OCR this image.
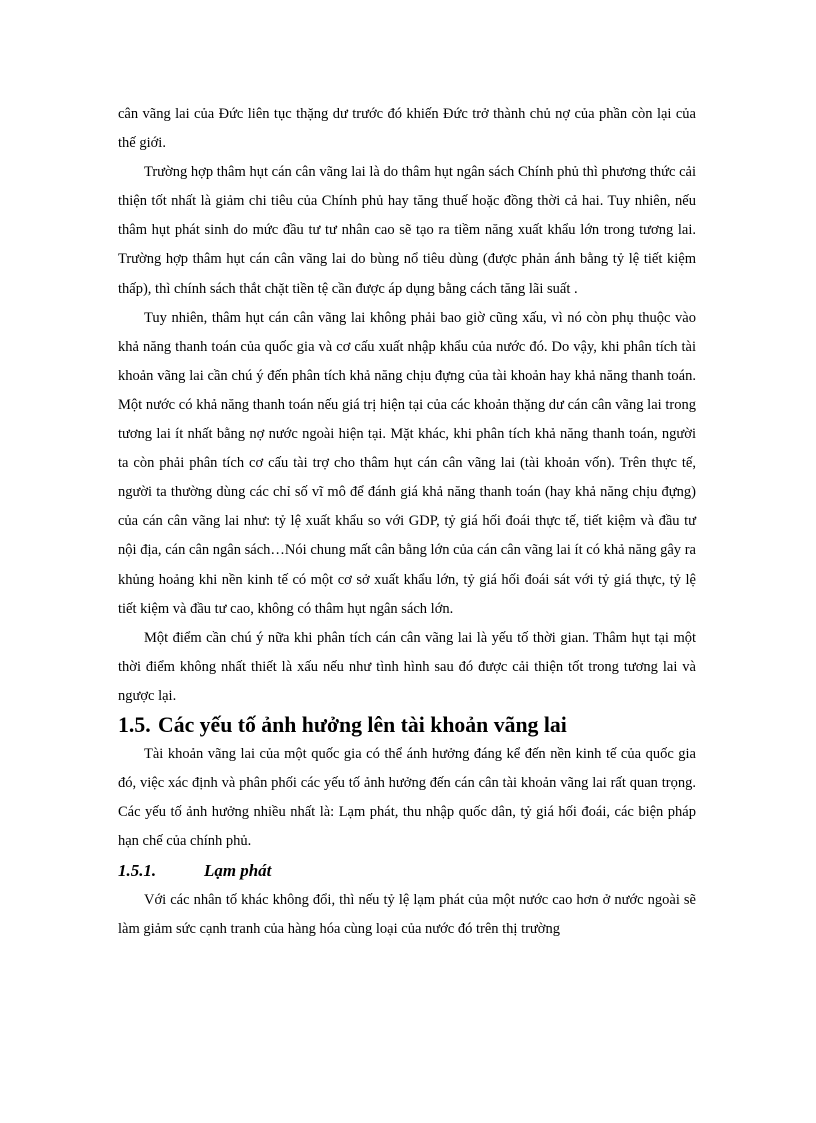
cân vãng lai của Đức liên tục thặng dư trước đó khiến Đức trở thành chủ nợ của phần còn lại của thế giới.

Trường hợp thâm hụt cán cân vãng lai là do thâm hụt ngân sách Chính phủ thì phương thức cải thiện tốt nhất là giảm chi tiêu của Chính phủ hay tăng thuế hoặc đồng thời cả hai. Tuy nhiên, nếu thâm hụt phát sinh do mức đầu tư tư nhân cao sẽ tạo ra tiềm năng xuất khẩu lớn trong tương lai. Trường hợp thâm hụt cán cân vãng lai do bùng nổ tiêu dùng (được phản ánh bằng tỷ lệ tiết kiệm thấp), thì chính sách thắt chặt tiền tệ cần được áp dụng bằng cách tăng lãi suất .

Tuy nhiên, thâm hụt cán cân vãng lai không phải bao giờ cũng xấu, vì nó còn phụ thuộc vào khả năng thanh toán của quốc gia và cơ cấu xuất nhập khẩu của nước đó. Do vậy, khi phân tích tài khoản vãng lai cần chú ý đến phân tích khả năng chịu đựng của tài khoản hay khả năng thanh toán. Một nước có khả năng thanh toán nếu giá trị hiện tại của các khoản thặng dư cán cân vãng lai trong tương lai ít nhất bằng nợ nước ngoài hiện tại. Mặt khác, khi phân tích khả năng thanh toán, người ta còn phải phân tích cơ cấu tài trợ cho thâm hụt cán cân vãng lai (tài khoản vốn). Trên thực tế, người ta thường dùng các chỉ số vĩ mô để đánh giá khả năng thanh toán (hay khả năng chịu đựng) của cán cân vãng lai như: tỷ lệ xuất khẩu so với GDP, tỷ giá hối đoái thực tế, tiết kiệm và đầu tư nội địa, cán cân ngân sách…Nói chung mất cân bằng lớn của cán cân vãng lai ít có khả năng gây ra khủng hoảng khi nền kinh tế có một cơ sở xuất khẩu lớn, tỷ giá hối đoái sát với tỷ giá thực, tỷ lệ tiết kiệm và đầu tư cao, không có thâm hụt ngân sách lớn.

Một điểm cần chú ý nữa khi phân tích cán cân vãng lai là yếu tố thời gian. Thâm hụt tại một thời điểm không nhất thiết là xấu nếu như tình hình sau đó được cải thiện tốt trong tương lai và ngược lại.

1.5. Các yếu tố ảnh hưởng lên tài khoản vãng lai

Tài khoản vãng lai của một quốc gia có thể ánh hưởng đáng kể đến nền kinh tế của quốc gia đó, việc xác định và phân phối các yếu tố ảnh hưởng đến cán cân tài khoản vãng lai rất quan trọng. Các yếu tố ảnh hưởng nhiều nhất là: Lạm phát, thu nhập quốc dân, tỷ giá hối đoái, các biện pháp hạn chế của chính phủ.

1.5.1.	Lạm phát

Với các nhân tố khác không đổi, thì nếu tỷ lệ lạm phát của một nước cao hơn ở nước ngoài sẽ làm giảm sức cạnh tranh của hàng hóa cùng loại của nước đó trên thị trường
